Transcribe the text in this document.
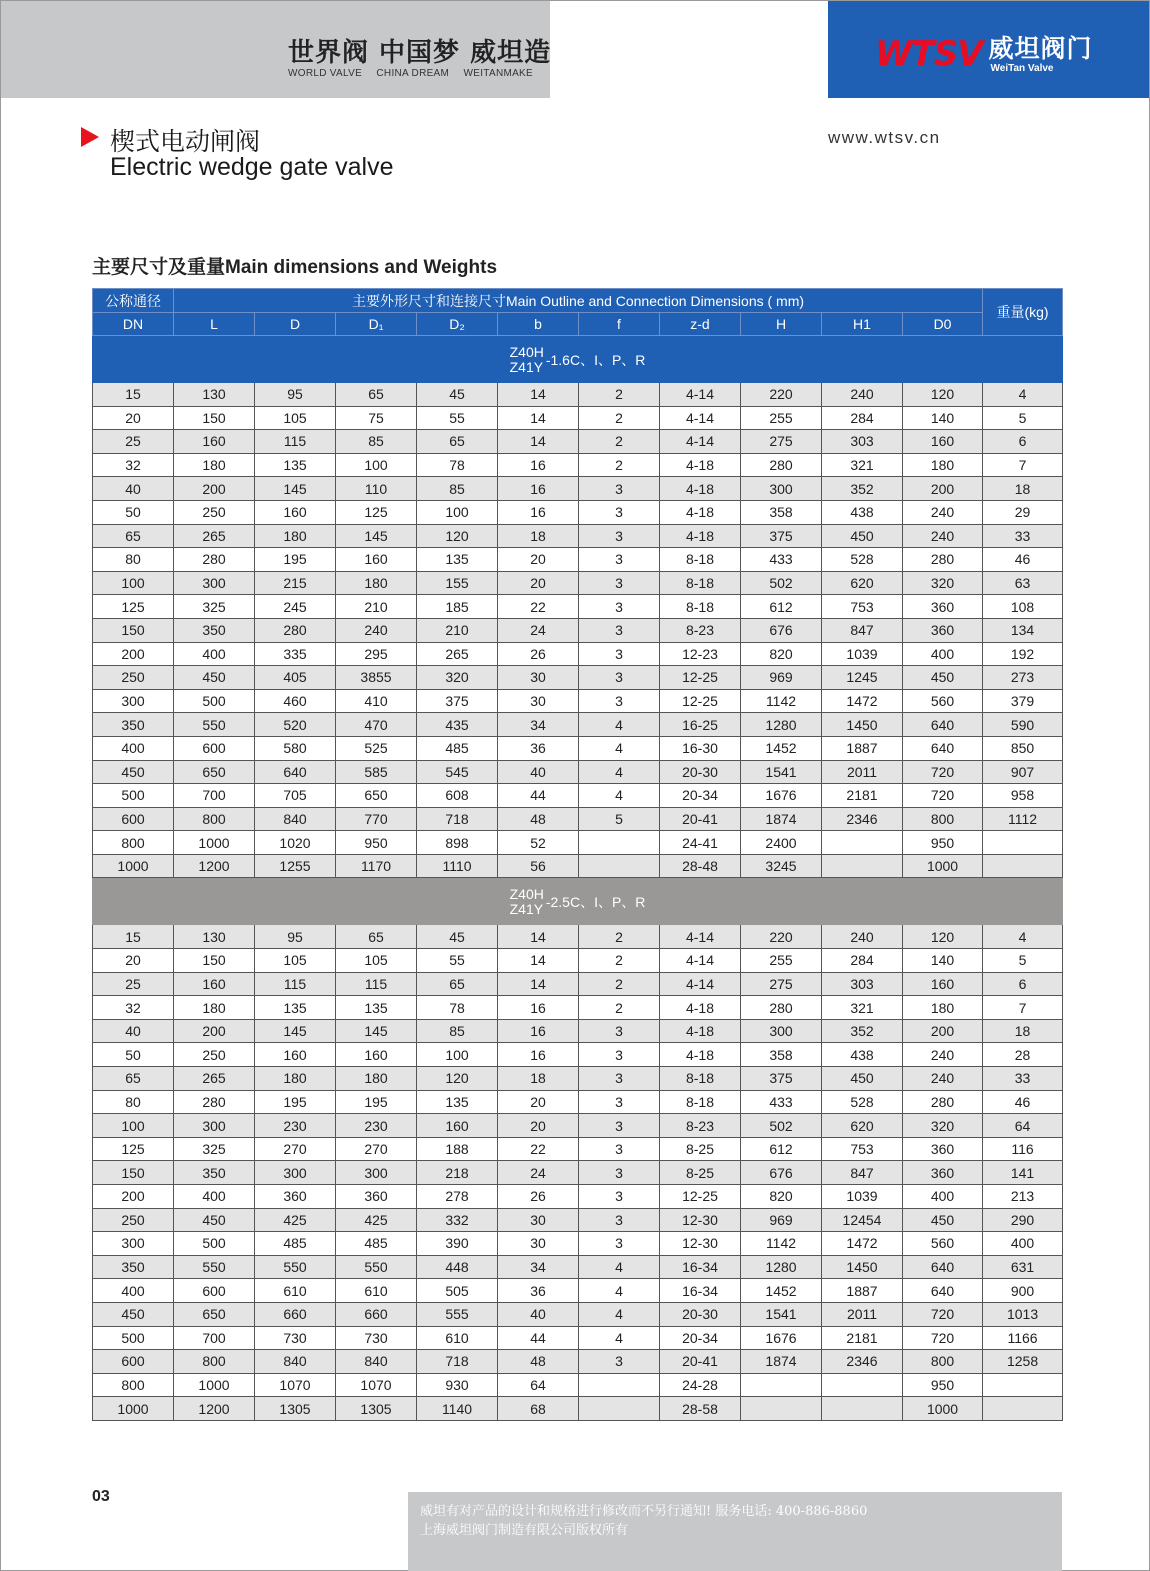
世界阀 中国梦 威坦造
WORLD VALVE CHINA DREAM WEITANMAKE	WTSV 威坦阀门
WeiTan Valve
楔式电动闸阀
Electric wedge gate valve
www.wtsv.cn
主要尺寸及重量Main dimensions and Weights
公称通径	主要外形尺寸和连接尺寸Main Outline and Connection Dimensions ( mm)										重量(kg)
DN	L	D	D₁	D₂	b	f	z-d	H	H1	D0	

Z40H
Z41Y -1.6C、I、P、R											

15	130	95	65	45	14	2	4-14	220	240	120	4
20	150	105	75	55	14	2	4-14	255	284	140	5
25	160	115	85	65	14	2	4-14	275	303	160	6
32	180	135	100	78	16	2	4-18	280	321	180	7
40	200	145	110	85	16	3	4-18	300	352	200	18
50	250	160	125	100	16	3	4-18	358	438	240	29
65	265	180	145	120	18	3	4-18	375	450	240	33
80	280	195	160	135	20	3	8-18	433	528	280	46
100	300	215	180	155	20	3	8-18	502	620	320	63
125	325	245	210	185	22	3	8-18	612	753	360	108
150	350	280	240	210	24	3	8-23	676	847	360	134
200	400	335	295	265	26	3	12-23	820	1039	400	192
250	450	405	3855	320	30	3	12-25	969	1245	450	273
300	500	460	410	375	30	3	12-25	1142	1472	560	379
350	550	520	470	435	34	4	16-25	1280	1450	640	590
400	600	580	525	485	36	4	16-30	1452	1887	640	850
450	650	640	585	545	40	4	20-30	1541	2011	720	907
500	700	705	650	608	44	4	20-34	1676	2181	720	958
600	800	840	770	718	48	5	20-41	1874	2346	800	1112
800	1000	1020	950	898	52		24-41	2400		950	
1000	1200	1255	1170	1110	56		28-48	3245		1000	

Z40H
Z41Y -2.5C、I、P、R											

15	130	95	65	45	14	2	4-14	220	240	120	4
20	150	105	105	55	14	2	4-14	255	284	140	5
25	160	115	115	65	14	2	4-14	275	303	160	6
32	180	135	135	78	16	2	4-18	280	321	180	7
40	200	145	145	85	16	3	4-18	300	352	200	18
50	250	160	160	100	16	3	4-18	358	438	240	28
65	265	180	180	120	18	3	8-18	375	450	240	33
80	280	195	195	135	20	3	8-18	433	528	280	46
100	300	230	230	160	20	3	8-23	502	620	320	64
125	325	270	270	188	22	3	8-25	612	753	360	116
150	350	300	300	218	24	3	8-25	676	847	360	141
200	400	360	360	278	26	3	12-25	820	1039	400	213
250	450	425	425	332	30	3	12-30	969	12454	450	290
300	500	485	485	390	30	3	12-30	1142	1472	560	400
350	550	550	550	448	34	4	16-34	1280	1450	640	631
400	600	610	610	505	36	4	16-34	1452	1887	640	900
450	650	660	660	555	40	4	20-30	1541	2011	720	1013
500	700	730	730	610	44	4	20-34	1676	2181	720	1166
600	800	840	840	718	48	3	20-41	1874	2346	800	1258
800	1000	1070	1070	930	64		24-28			950	
1000	1200	1305	1305	1140	68		28-58			1000	
03
威坦有对产品的设计和规格进行修改而不另行通知! 服务电话: 400-886-8860
上海威坦阀门制造有限公司版权所有
